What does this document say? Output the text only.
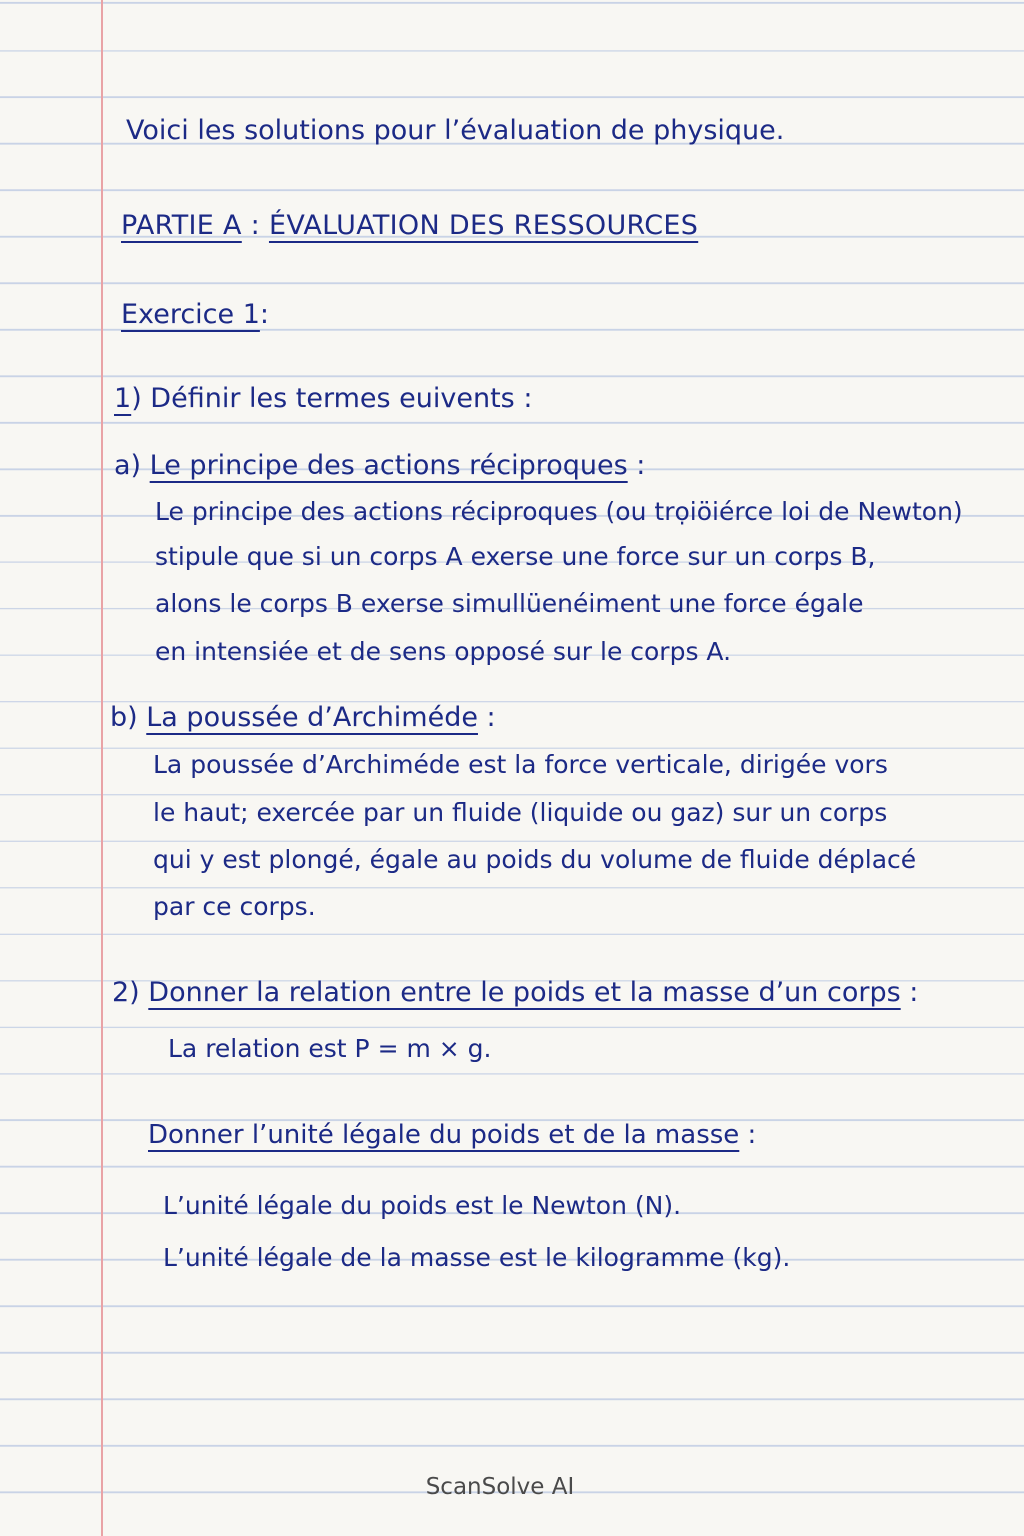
Voici les solutions pour l’évaluation de physique.

PARTIE A : ÉVALUATION DES RESSOURCES

Exercice 1:

1) Définir les termes euivents :

a) Le principe des actions réciproques :

Le principe des actions réciproques (ou trọiöiérce loi de Newton)

stipule que si un corps A exerse une force sur un corps B,

alons le corps B exerse simullüenéiment une force égale

en intensiée et de sens opposé sur le corps A.

b) La poussée d’Archiméde :

La poussée d’Archiméde est la force verticale, dirigée vors

le haut; exercée par un fluide (liquide ou gaz) sur un corps

qui y est plongé, égale au poids du volume de fluide déplacé

par ce corps.

2) Donner la relation entre le poids et la masse d’un corps :

La relation est P = m × g.

Donner l’unité légale du poids et de la masse :

L’unité légale du poids est le Newton (N).

L’unité légale de la masse est le kilogramme (kg).

ScanSolve AI
